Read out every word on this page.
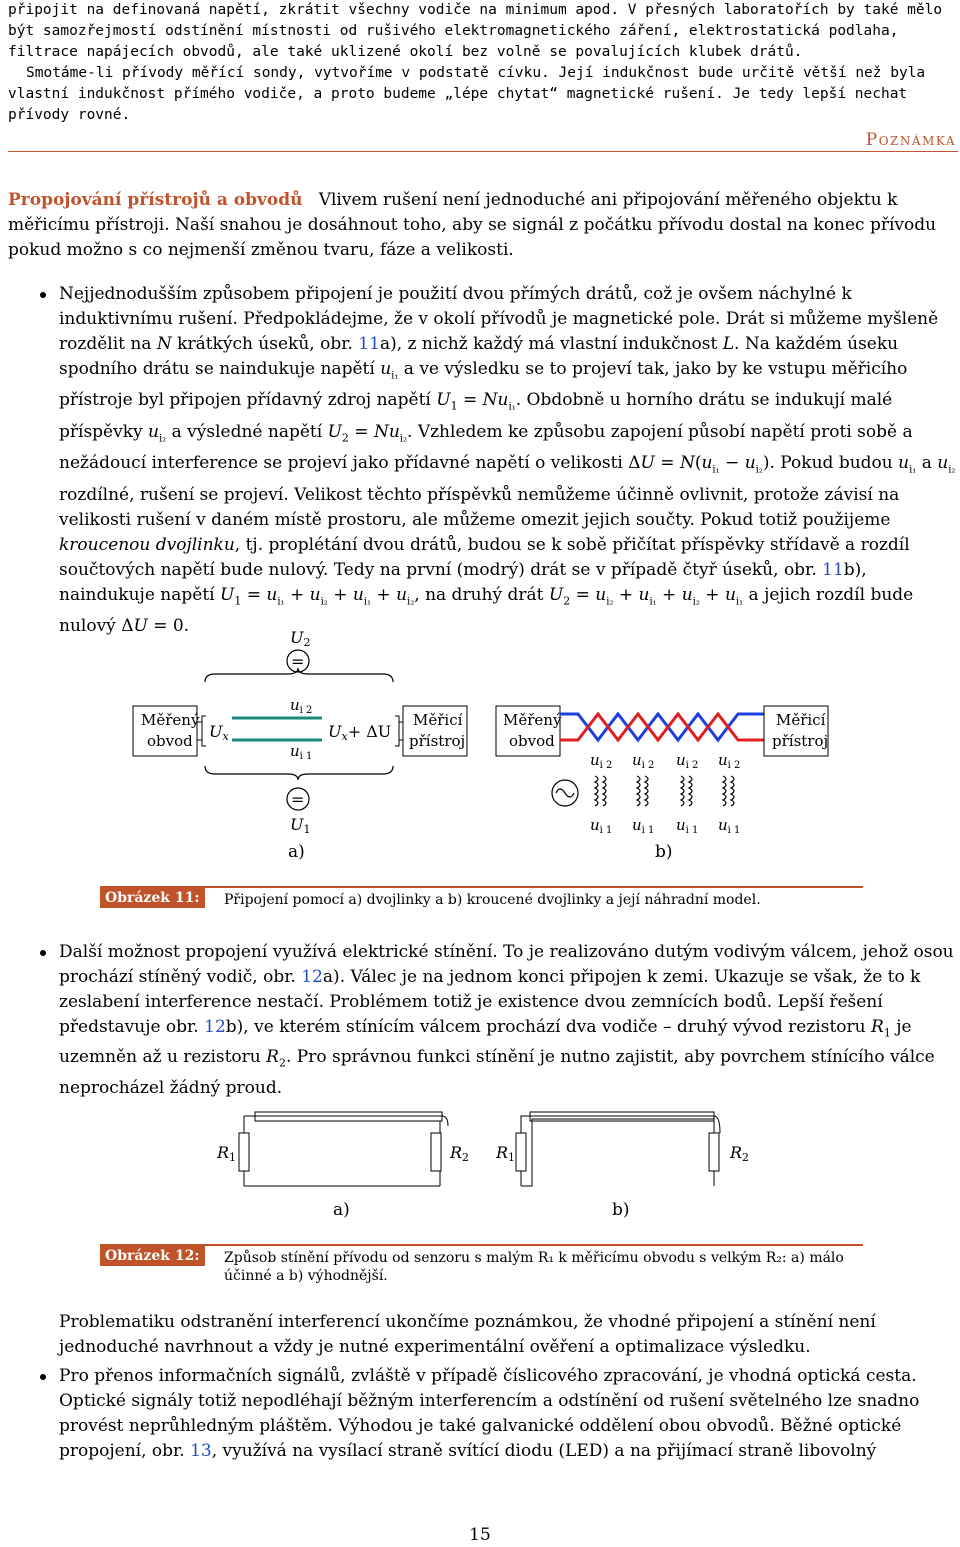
připojit na definovaná napětí, zkrátit všechny vodiče na minimum apod. V přesných laboratořích by také mělo být samozřejmostí odstínění místnosti od rušivého elektromagnetického záření, elektrostatická podlaha, filtrace napájecích obvodů, ale také uklizené okolí bez volně se povalujících klubek drátů.

Smotáme-li přívody měřící sondy, vytvoříme v podstatě cívku. Její indukčnost bude určitě větší než byla vlastní indukčnost přímého vodiče, a proto budeme „lépe chytat“ magnetické rušení. Je tedy lepší nechat přívody rovné.

Poznámka
Propojování přístrojů a obvodů Vlivem rušení není jednoduché ani připojování měřeného objektu k měřicímu přístroji. Naší snahou je dosáhnout toho, aby se signál z počátku přívodu dostal na konec přívodu pokud možno s co nejmenší změnou tvaru, fáze a velikosti.
Nejjednodušším způsobem připojení je použití dvou přímých drátů, což je ovšem náchylné k induktivnímu rušení. Předpokládejme, že v okolí přívodů je magnetické pole. Drát si můžeme myšleně rozdělit na N krátkých úseků, obr. 11a), z nichž každý má vlastní indukčnost L. Na každém úseku spodního drátu se naindukuje napětí $u_{i_1}$ a ve výsledku se to projeví tak, jako by ke vstupu měřicího přístroje byl připojen přídavný zdroj napětí $U_1 = Nu_{i_1}$. Obdobně u horního drátu se indukují malé příspěvky $u_{i_2}$ a výsledné napětí $U_2 = Nu_{i_2}$. Vzhledem ke způsobu zapojení působí napětí proti sobě a nežádoucí interference se projeví jako přídavné napětí o velikosti $\Delta U = N(u_{i_1} - u_{i_2})$. Pokud budou $u_{i_1}$ a $u_{i_2}$ rozdílné, rušení se projeví. Velikost těchto příspěvků nemůžeme účinně ovlivnit, protože závisí na velikosti rušení v daném místě prostoru, ale můžeme omezit jejich součty. Pokud totiž použijeme kroucenou dvojlinku, tj. proplétání dvou drátů, budou se k sobě přičítat příspěvky střídavě a rozdíl součtových napětí bude nulový. Tedy na první (modrý) drát se v případě čtyř úseků, obr. 11b), naindukuje napětí $U_1 = u_{i_1} + u_{i_2} + u_{i_1} + u_{i_2}$, na druhý drát $U_2 = u_{i_2} + u_{i_1} + u_{i_2} + u_{i_1}$ a jejich rozdíl bude nulový ΔU = 0.
U2
=
Měřený
obvod Ux
$u_{i 2}$
$u_{i 1}$
Ux+ ΔU
Měřicí
přístroj
=
U1
a)
Měřený
obvod
Měřicí
přístroj
$u_{i 2}$ $u_{i 2}$ $u_{i 2}$ $u_{i 2}$
$u_{i 1}$ $u_{i 1}$ $u_{i 1}$ $u_{i 1}$
b)
Obrázek 11:	Připojení pomocí a) dvojlinky a b) kroucené dvojlinky a její náhradní model.
Další možnost propojení využívá elektrické stínění. To je realizováno dutým vodivým válcem, jehož osou prochází stíněný vodič, obr. 12a). Válec je na jednom konci připojen k zemi. Ukazuje se však, že to k zeslabení interference nestačí. Problémem totiž je existence dvou zemnících bodů. Lepší řešení představuje obr. 12b), ve kterém stínícím válcem prochází dva vodiče – druhý vývod rezistoru $R_1$ je uzemněn až u rezistoru $R_2$. Pro správnou funkci stínění je nutno zajistit, aby povrchem stínícího válce neprocházel žádný proud.
R1	R2
a)
R1	R2
b)
Obrázek 12:	Způsob stínění přívodu od senzoru s malým R₁ k měřicímu obvodu s velkým R₂: a) málo účinné a b) výhodnější.
Problematiku odstranění interferencí ukončíme poznámkou, že vhodné připojení a stínění není jednoduché navrhnout a vždy je nutné experimentální ověření a optimalizace výsledku.
Pro přenos informačních signálů, zvláště v případě číslicového zpracování, je vhodná optická cesta. Optické signály totiž nepodléhají běžným interferencím a odstínění od rušení světelného lze snadno provést neprůhledným pláštěm. Výhodou je také galvanické oddělení obou obvodů. Běžné optické propojení, obr. 13, využívá na vysílací straně svítící diodu (LED) a na přijímací straně libovolný
15
